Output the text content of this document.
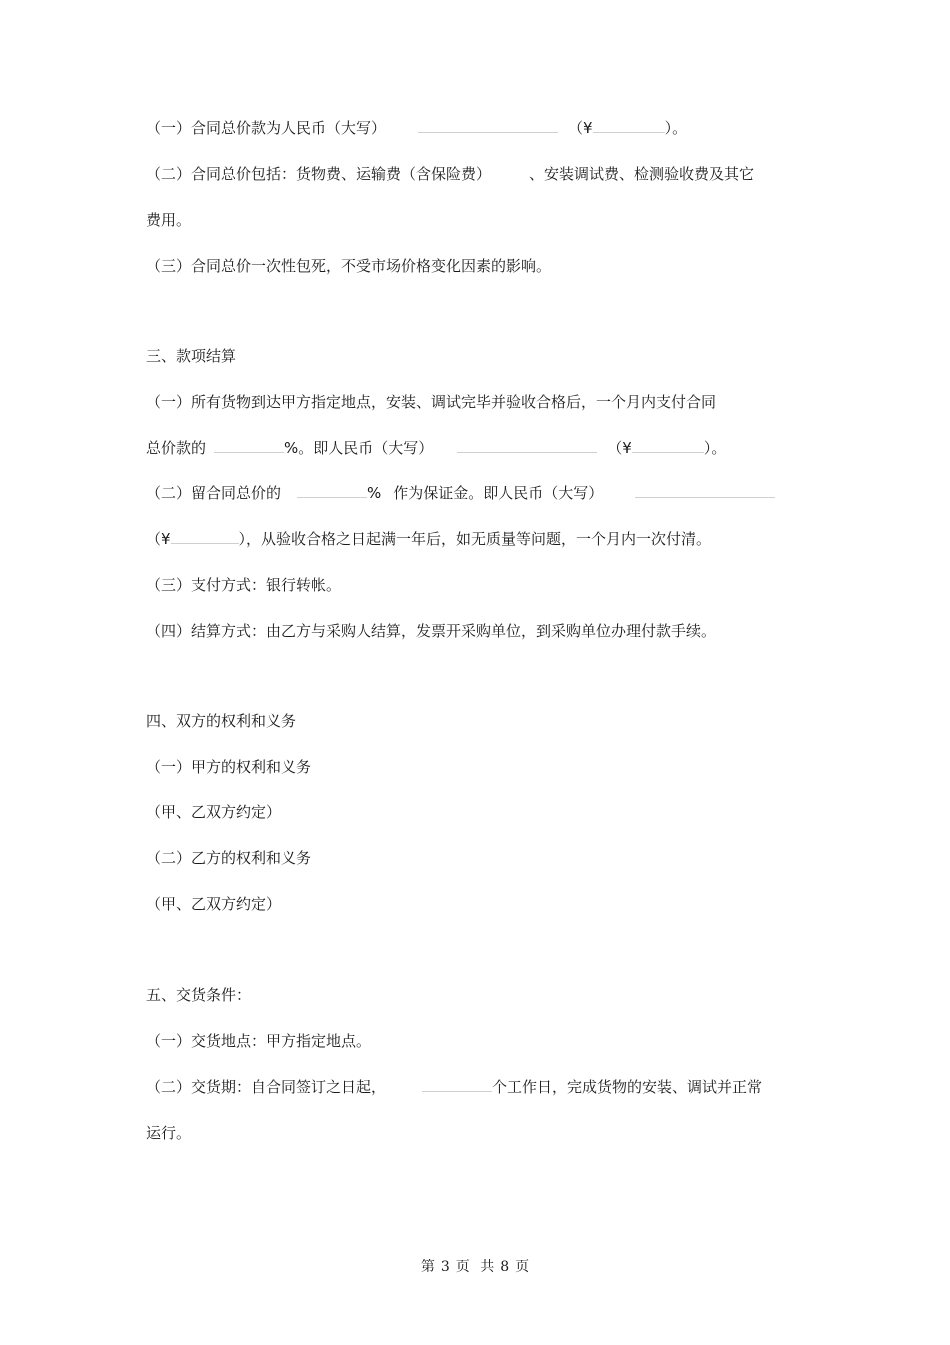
（一）合同总价款为人民币（大写）	（¥	）。
（二）合同总价包括：货物费、运输费（含保险费）	、安装调试费、检测验收费及其它
费用。
（三）合同总价一次性包死，不受市场价格变化因素的影响。
三、款项结算
（一）所有货物到达甲方指定地点，安装、调试完毕并验收合格后，一个月内支付合同
总价款的	%。即人民币（大写）	（¥	）。
（二）留合同总价的	% 作为保证金。即人民币（大写）
（¥	），从验收合格之日起满一年后，如无质量等问题，一个月内一次付清。
（三）支付方式：银行转帐。
（四）结算方式：由乙方与采购人结算，发票开采购单位，到采购单位办理付款手续。
四、双方的权利和义务
（一）甲方的权利和义务
（甲、乙双方约定）
（二）乙方的权利和义务
（甲、乙双方约定）
五、交货条件：
（一）交货地点：甲方指定地点。
（二）交货期：自合同签订之日起，	个工作日，完成货物的安装、调试并正常
运行。
第 3 页 共 8 页
